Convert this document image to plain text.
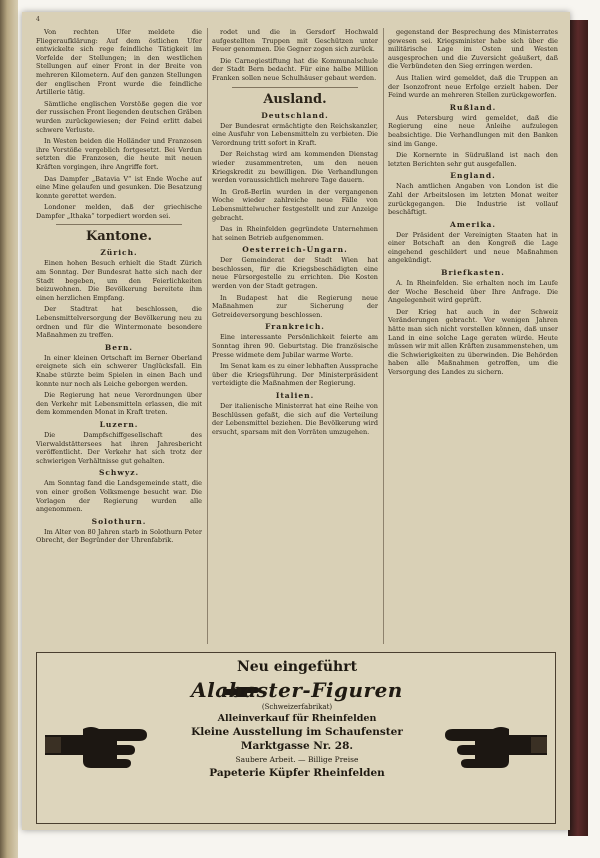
4

Von rechten Ufer meldete die Fliegeraufklärung: Auf dem östlichen Ufer entwickelte sich rege feindliche Tätigkeit im Vorfelde der Stellungen; in den westlichen Stellungen auf einer Front in der Breite von mehreren Kilometern. Auf den ganzen Stellungen der englischen Front wurde die feindliche Artillerie tätig.

Sämtliche englischen Vorstöße gegen die vor der russischen Front liegenden deutschen Gräben wurden zurückgewiesen; der Feind erlitt dabei schwere Verluste.

In Westen beiden die Holländer und Franzosen ihre Vorstöße vergeblich fortgesetzt. Bei Verdun setzten die Franzosen, die heute mit neuen Kräften vorgingen, ihre Angriffe fort.

Das Dampfer „Batavia V“ ist Ende Woche auf eine Mine gelaufen und gesunken. Die Besatzung konnte gerettet werden.

Londoner melden, daß der griechische Dampfer „Ithaka“ torpediert worden sei.

Kantone.
Zürich.

Einen hohen Besuch erhielt die Stadt Zürich am Sonntag. Der Bundesrat hatte sich nach der Stadt begeben, um den Feierlichkeiten beizuwohnen. Die Bevölkerung bereitete ihm einen herzlichen Empfang.

Der Stadtrat hat beschlossen, die Lebensmittelversorgung der Bevölkerung neu zu ordnen und für die Wintermonate besondere Maßnahmen zu treffen.

Bern.

In einer kleinen Ortschaft im Berner Oberland ereignete sich ein schwerer Unglücksfall. Ein Knabe stürzte beim Spielen in einen Bach und konnte nur noch als Leiche geborgen werden.

Die Regierung hat neue Verordnungen über den Verkehr mit Lebensmitteln erlassen, die mit dem kommenden Monat in Kraft treten.

Luzern.

Die Dampfschiffgesellschaft des Vierwaldstättersees hat ihren Jahresbericht veröffentlicht. Der Verkehr hat sich trotz der schwierigen Verhältnisse gut gehalten.

Schwyz.

Am Sonntag fand die Landsgemeinde statt, die von einer großen Volksmenge besucht war. Die Vorlagen der Regierung wurden alle angenommen.

Solothurn.

Im Alter von 80 Jahren starb in Solothurn Peter Obrecht, der Begründer der Uhrenfabrik.

rodet und die in Gersdorf Hochwald aufgestellten Truppen mit Geschützen unter Feuer genommen. Die Gegner zogen sich zurück.

Die Carnegiestiftung hat die Kommunalschule der Stadt Bern bedacht. Für eine halbe Million Franken sollen neue Schulhäuser gebaut werden.

Ausland.
Deutschland.

Der Bundesrat ermächtigte den Reichskanzler, eine Ausfuhr von Lebensmitteln zu verbieten. Die Verordnung tritt sofort in Kraft.

Der Reichstag wird am kommenden Dienstag wieder zusammentreten, um den neuen Kriegskredit zu bewilligen. Die Verhandlungen werden voraussichtlich mehrere Tage dauern.

In Groß-Berlin wurden in der vergangenen Woche wieder zahlreiche neue Fälle von Lebensmittelwucher festgestellt und zur Anzeige gebracht.

Das in Rheinfelden gegründete Unternehmen hat seinen Betrieb aufgenommen.

Oesterreich-Ungarn.

Der Gemeinderat der Stadt Wien hat beschlossen, für die Kriegsbeschädigten eine neue Fürsorgestelle zu errichten. Die Kosten werden von der Stadt getragen.

In Budapest hat die Regierung neue Maßnahmen zur Sicherung der Getreideversorgung beschlossen.

Frankreich.

Eine interessante Persönlichkeit feierte am Sonntag ihren 90. Geburtstag. Die französische Presse widmete dem Jubilar warme Worte.

Im Senat kam es zu einer lebhaften Aussprache über die Kriegsführung. Der Ministerpräsident verteidigte die Maßnahmen der Regierung.

Italien.

Der italienische Ministerrat hat eine Reihe von Beschlüssen gefaßt, die sich auf die Verteilung der Lebensmittel beziehen. Die Bevölkerung wird ersucht, sparsam mit den Vorräten umzugehen.

gegenstand der Besprechung des Ministerrates gewesen sei. Kriegsminister habe sich über die militärische Lage im Osten und Westen ausgesprochen und die Zuversicht geäußert, daß die Verbündeten den Sieg erringen werden.

Aus Italien wird gemeldet, daß die Truppen an der Isonzofront neue Erfolge erzielt haben. Der Feind wurde an mehreren Stellen zurückgeworfen.

Rußland.

Aus Petersburg wird gemeldet, daß die Regierung eine neue Anleihe aufzulegen beabsichtige. Die Verhandlungen mit den Banken sind im Gange.

Die Kornernte in Südrußland ist nach den letzten Berichten sehr gut ausgefallen.

England.

Nach amtlichen Angaben von London ist die Zahl der Arbeitslosen im letzten Monat weiter zurückgegangen. Die Industrie ist vollauf beschäftigt.

Amerika.

Der Präsident der Vereinigten Staaten hat in einer Botschaft an den Kongreß die Lage eingehend geschildert und neue Maßnahmen angekündigt.

Briefkasten.

A. In Rheinfelden. Sie erhalten noch im Laufe der Woche Bescheid über Ihre Anfrage. Die Angelegenheit wird geprüft.

Der Krieg hat auch in der Schweiz Veränderungen gebracht. Vor wenigen Jahren hätte man sich nicht vorstellen können, daß unser Land in eine solche Lage geraten würde. Heute müssen wir mit allen Kräften zusammenstehen, um die Schwierigkeiten zu überwinden. Die Behörden haben alle Maßnahmen getroffen, um die Versorgung des Landes zu sichern.

Neu eingeführt
Alabaster-Figuren
(Schweizerfabrikat)
Alleinverkauf für Rheinfelden
Kleine Ausstellung im Schaufenster
Marktgasse Nr. 28.
Saubere Arbeit. — Billige Preise
Papeterie Küpfer Rheinfelden
